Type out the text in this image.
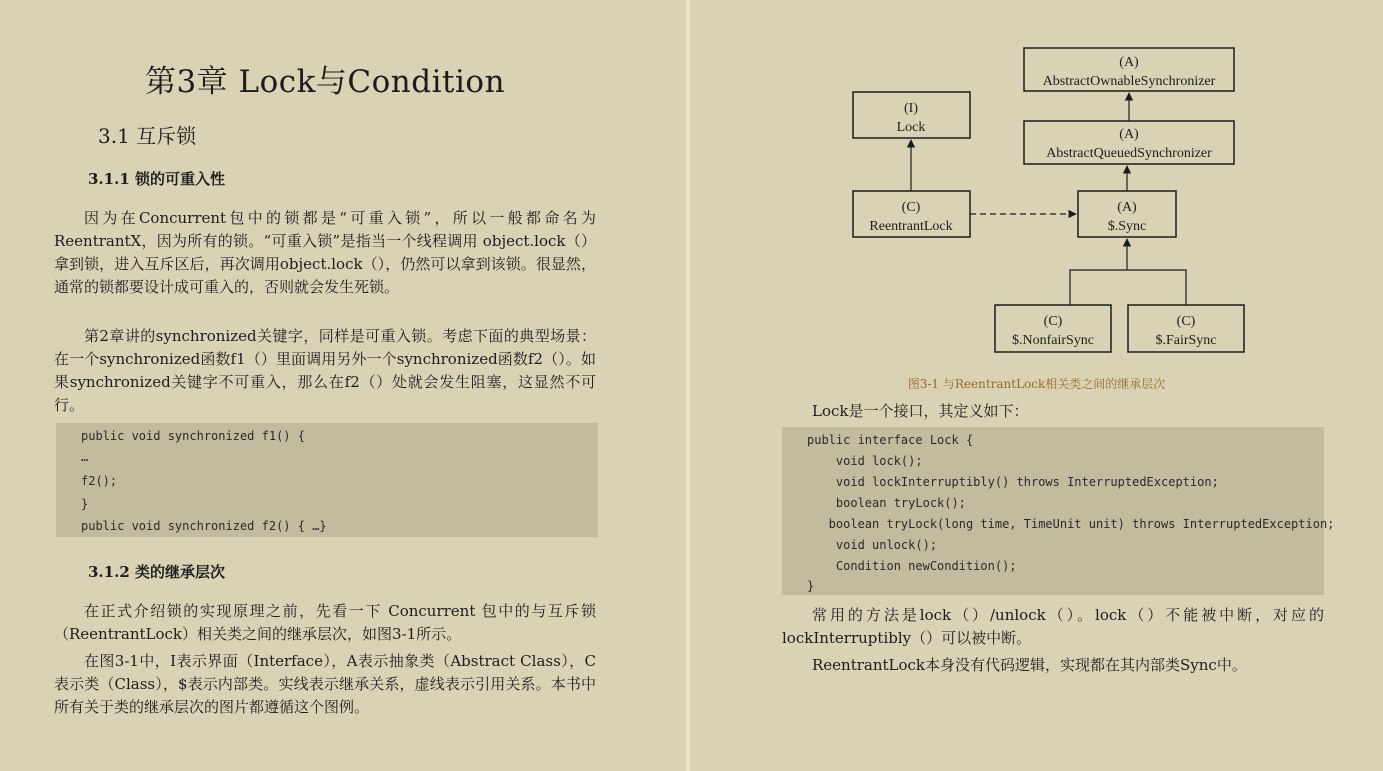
第3章 Lock与Condition
3.1 互斥锁
3.1.1 锁的可重入性

因为在Concurrent包中的锁都是“可重入锁”，所以一般都命名为ReentrantX，因为所有的锁。“可重入锁”是指当一个线程调用 object.lock（）拿到锁，进入互斥区后，再次调用object.lock（），仍然可以拿到该锁。很显然，通常的锁都要设计成可重入的，否则就会发生死锁。

第2章讲的synchronized关键字，同样是可重入锁。考虑下面的典型场景：在一个synchronized函数f1（）里面调用另外一个synchronized函数f2（）。如果synchronized关键字不可重入，那么在f2（）处就会发生阻塞，这显然不可行。

public void synchronized f1() {
…
f2();
}
public void synchronized f2() { …}
3.1.2 类的继承层次

在正式介绍锁的实现原理之前，先看一下 Concurrent 包中的与互斥锁（ReentrantLock）相关类之间的继承层次，如图3-1所示。

在图3-1中，I表示界面（Interface），A表示抽象类（Abstract Class），C表示类（Class），$表示内部类。实线表示继承关系，虚线表示引用关系。本书中所有关于类的继承层次的图片都遵循这个图例。

(A)
AbstractOwnableSynchronizer
(A)
AbstractQueuedSynchronizer
(I)
Lock
(C)
ReentrantLock
(A)
$.Sync
(C)
$.NonfairSync
(C)
$.FairSync
图3-1 与ReentrantLock相关类之间的继承层次

Lock是一个接口，其定义如下：

public interface Lock {
void lock();
void lockInterruptibly() throws InterruptedException;
boolean tryLock();
boolean tryLock(long time, TimeUnit unit) throws InterruptedException;
void unlock();
Condition newCondition();
}

常用的方法是lock（）/unlock（）。lock（）不能被中断，对应的lockInterruptibly（）可以被中断。

ReentrantLock本身没有代码逻辑，实现都在其内部类Sync中。
